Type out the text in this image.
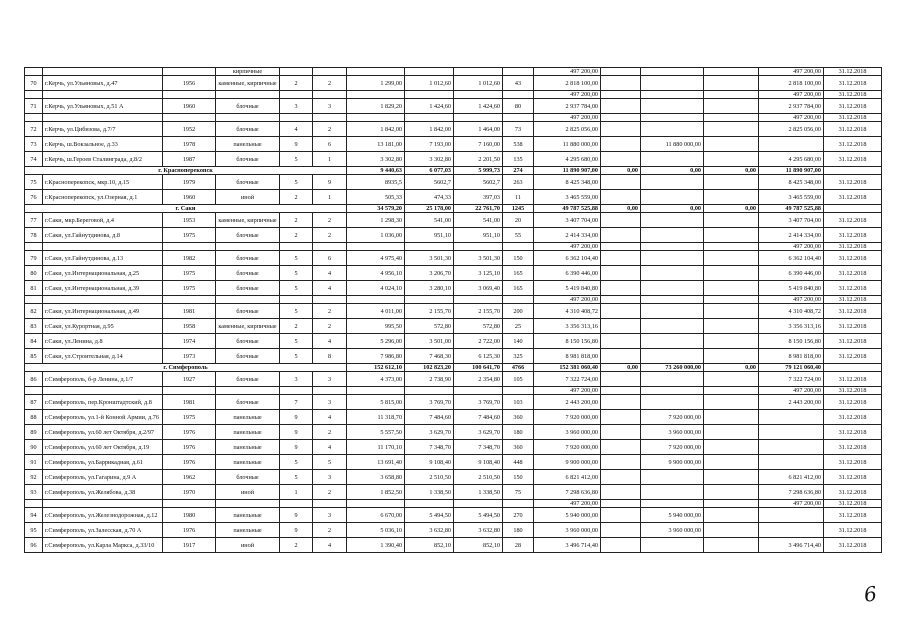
			кирпичные							497 200,00				497 200,00	31.12.2018
70	г.Керчь, ул.Ульяновых, д.47	1956	каменные, кирпичные	2	2	1 299,00	1 012,60	1 012,60	43	2 818 100,00				2 818 100,00	31.12.2018
										497 200,00				497 200,00	31.12.2018
71	г.Керчь, ул.Ульяновых, д.51 А	1960	блочные	3	3	1 829,20	1 424,60	1 424,60	80	2 937 784,00				2 937 784,00	31.12.2018
										497 200,00				497 200,00	31.12.2018
72	г.Керчь, ул.Цибизова, д.7/7	1952	блочные	4	2	1 842,00	1 842,00	1 464,00	73	2 825 056,00				2 825 056,00	31.12.2018
73	г.Керчь, ш.Вокзальное, д.33	1978	панельные	9	6	13 181,00	7 193,00	7 160,00	538	11 880 000,00		11 880 000,00			31.12.2018
74	г.Керчь, ш.Героев Сталинграда, д.8/2	1987	блочные	5	1	3 302,80	3 302,80	2 201,50	135	4 295 680,00				4 295 680,00	31.12.2018
г. Красноперекопск						9 440,63	6 077,03	5 999,73	274	11 890 907,00	0,00	0,00	0,00	11 890 907,00	
75	г.Красноперекопск, мкр.10, д.15	1979	блочные	5	9	8935,5	5602,7	5602,7	263	8 425 348,00				8 425 348,00	31.12.2018
76	г.Красноперекопск, ул.Озерная, д.1	1960	иной	2	1	505,33	474,33	397,03	11	3 465 559,00				3 465 559,00	31.12.2018
г. Саки						34 579,20	25 178,00	22 761,70	1245	49 787 525,88	0,00	0,00	0,00	49 787 525,88	
77	г.Саки, мкр.Береговой, д.4	1953	каменные, кирпичные	2	2	1 298,30	541,00	541,00	20	3 407 704,00				3 407 704,00	31.12.2018
78	г.Саки, ул.Гайнутдинова, д.8	1975	блочные	2	2	1 036,00	951,10	951,10	55	2 414 334,00				2 414 334,00	31.12.2018
										497 200,00				497 200,00	31.12.2018
79	г.Саки, ул.Гайнутдинова, д.13	1982	блочные	5	6	4 975,40	3 501,30	3 501,30	150	6 362 104,40				6 362 104,40	31.12.2018
80	г.Саки, ул.Интернациональная, д.25	1975	блочные	5	4	4 956,10	3 206,70	3 125,10	165	6 390 446,00				6 390 446,00	31.12.2018
81	г.Саки, ул.Интернациональная, д.39	1975	блочные	5	4	4 024,10	3 280,10	3 069,40	165	5 419 840,80				5 419 840,80	31.12.2018
										497 200,00				497 200,00	31.12.2018
82	г.Саки, ул.Интернациональная, д.49	1981	блочные	5	2	4 011,00	2 155,70	2 155,70	200	4 310 408,72				4 310 408,72	31.12.2018
83	г.Саки, ул.Курортная, д.95	1958	каменные, кирпичные	2	2	995,50	572,80	572,80	25	3 356 313,16				3 356 313,16	31.12.2018
84	г.Саки, ул.Ленина, д.8	1974	блочные	5	4	5 296,00	3 501,00	2 722,00	140	8 150 156,80				8 150 156,80	31.12.2018
85	г.Саки, ул.Строительная, д.14	1973	блочные	5	8	7 986,80	7 468,30	6 125,30	325	8 981 818,00				8 981 818,00	31.12.2018
г. Симферополь						152 612,10	102 823,20	100 641,70	4766	152 381 060,40	0,00	73 260 000,00	0,00	79 121 060,40	
86	г.Симферополь, б-р Ленина, д.1/7	1927	блочные	3	3	4 373,00	2 738,90	2 354,80	105	7 322 724,00				7 322 724,00	31.12.2018
										497 200,00				497 200,00	31.12.2018
87	г.Симферополь, пер.Кронштадтский, д.8	1981	блочные	7	3	5 815,00	3 769,70	3 769,70	103	2 443 200,00				2 443 200,00	31.12.2018
88	г.Симферополь, ул.1-й Конной Армии, д.76	1975	панельные	9	4	11 318,70	7 484,60	7 484,60	360	7 920 000,00		7 920 000,00			31.12.2018
89	г.Симферополь, ул.60 лет Октября, д.2/97	1976	панельные	9	2	5 557,50	3 629,70	3 629,70	180	3 960 000,00		3 960 000,00			31.12.2018
90	г.Симферополь, ул.60 лет Октября, д.19	1976	панельные	9	4	11 170,10	7 348,70	7 348,70	360	7 920 000,00		7 920 000,00			31.12.2018
91	г.Симферополь, ул.Баррикадная, д.61	1976	панельные	5	5	13 691,40	9 108,40	9 108,40	448	9 900 000,00		9 900 000,00			31.12.2018
92	г.Симферополь, ул.Гагарина, д.9 А	1962	блочные	5	3	3 658,80	2 510,50	2 510,50	150	6 821 412,00				6 821 412,00	31.12.2018
93	г.Симферополь, ул.Желябова, д.38	1970	иной	1	2	1 852,50	1 338,50	1 338,50	75	7 298 636,80				7 298 636,80	31.12.2018
										497 200,00				497 200,00	31.12.2018
94	г.Симферополь, ул.Железнодорожная, д.12	1980	панельные	9	3	6 670,00	5 494,50	5 494,50	270	5 940 000,00		5 940 000,00			31.12.2018
95	г.Симферополь, ул.Залесская, д.70 А	1976	панельные	9	2	5 036,10	3 632,80	3 632,80	180	3 960 000,00		3 960 000,00			31.12.2018
96	г.Симферополь, ул.Карла Маркса, д.33/10	1917	иной	2	4	1 390,40	852,10	852,10	28	3 496 714,40				3 496 714,40	31.12.2018
6
